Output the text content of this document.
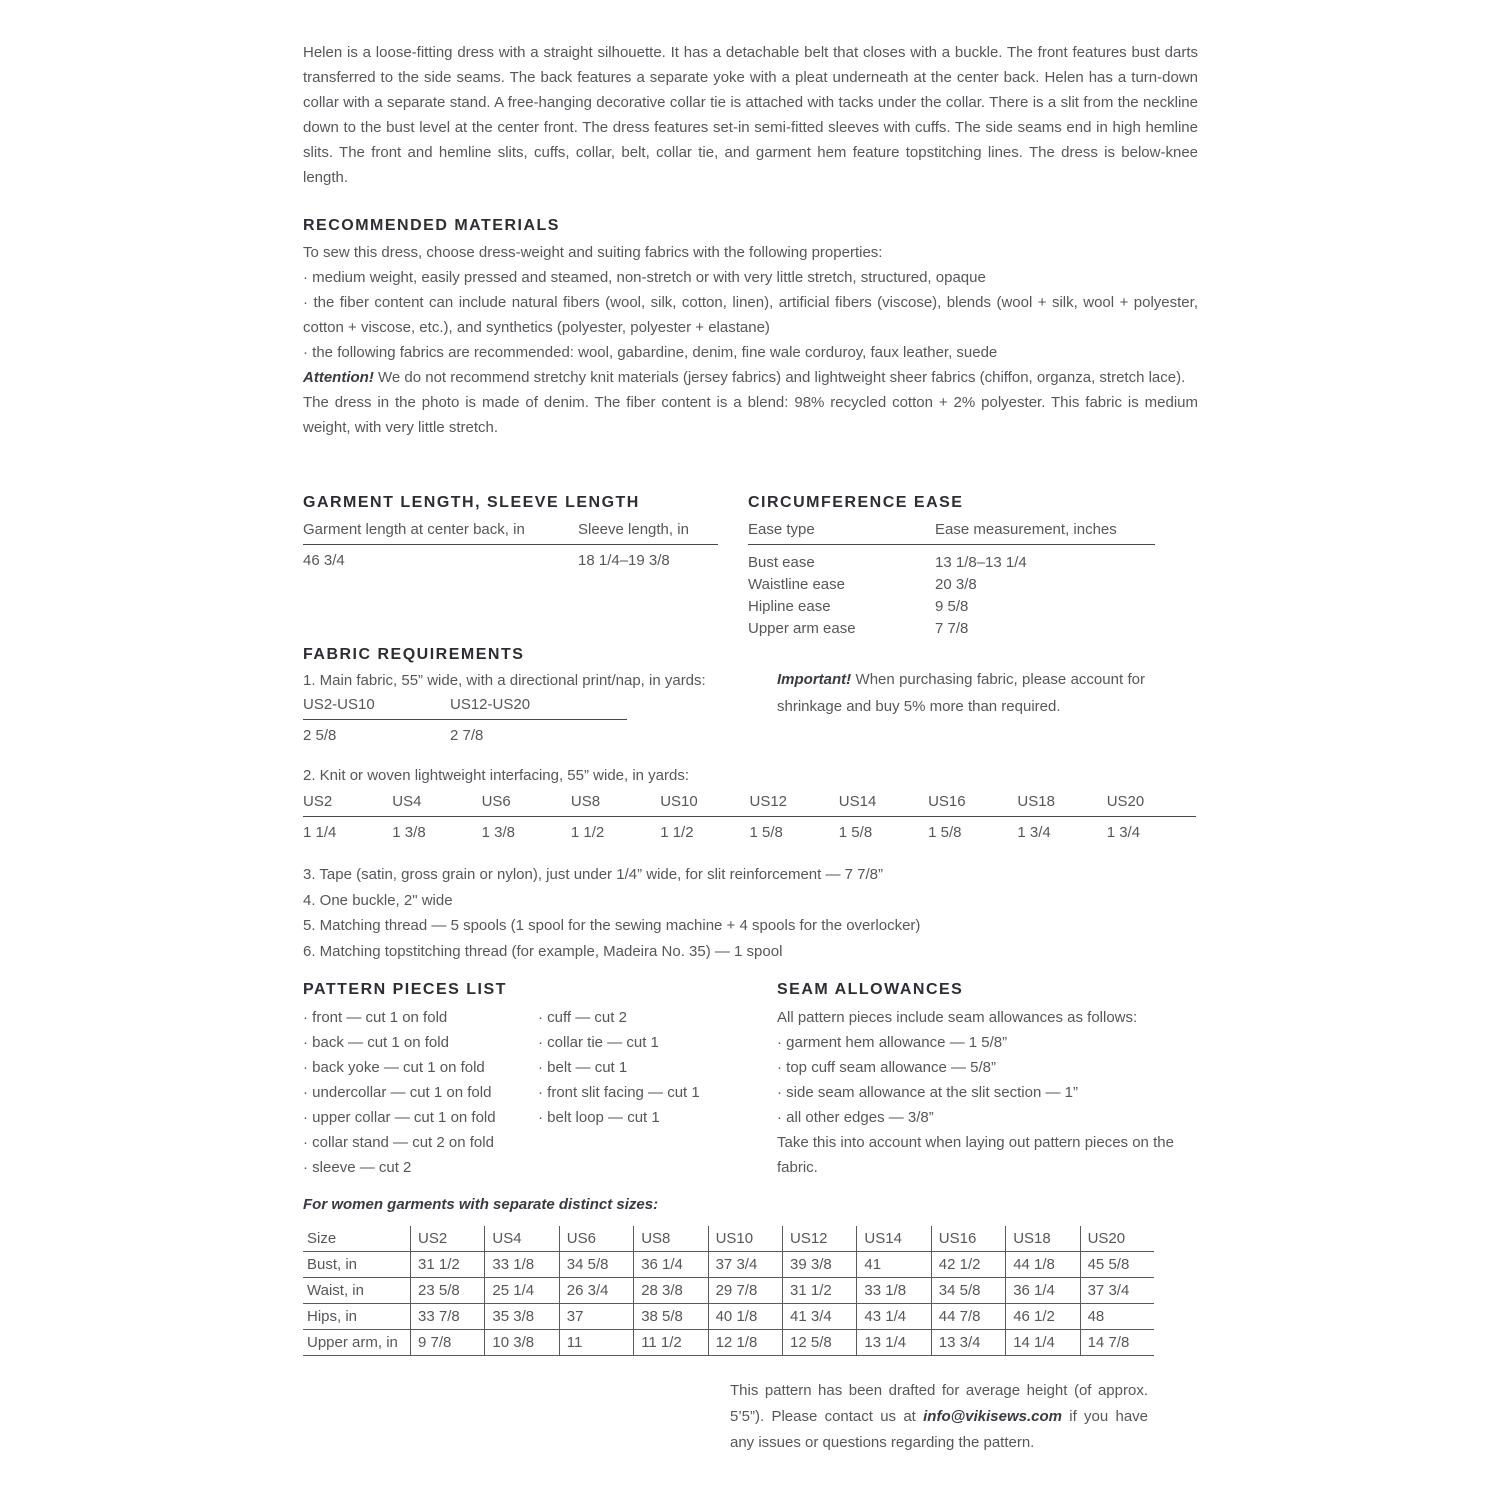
Helen is a loose-fitting dress with a straight silhouette. It has a detachable belt that closes with a buckle. The front features bust darts transferred to the side seams. The back features a separate yoke with a pleat underneath at the center back. Helen has a turn-down collar with a separate stand. A free-hanging decorative collar tie is attached with tacks under the collar. There is a slit from the neckline down to the bust level at the center front. The dress features set-in semi-fitted sleeves with cuffs. The side seams end in high hemline slits. The front and hemline slits, cuffs, collar, belt, collar tie, and garment hem feature topstitching lines. The dress is below-knee length.

RECOMMENDED MATERIALS

To sew this dress, choose dress-weight and suiting fabrics with the following properties:

· medium weight, easily pressed and steamed, non-stretch or with very little stretch, structured, opaque

· the fiber content can include natural fibers (wool, silk, cotton, linen), artificial fibers (viscose), blends (wool + silk, wool + polyester, cotton + viscose, etc.), and synthetics (polyester, polyester + elastane)

· the following fabrics are recommended: wool, gabardine, denim, fine wale corduroy, faux leather, suede

Attention! We do not recommend stretchy knit materials (jersey fabrics) and lightweight sheer fabrics (chiffon, organza, stretch lace).

The dress in the photo is made of denim. The fiber content is a blend: 98% recycled cotton + 2% polyester. This fabric is medium weight, with very little stretch.

GARMENT LENGTH, SLEEVE LENGTH
Garment length at center back, in	Sleeve length, in
46 3/4	18 1/4–19 3/8
CIRCUMFERENCE EASE
Ease type	Ease measurement, inches
Bust ease	13 1/8–13 1/4
Waistline ease	20 3/8
Hipline ease	9 5/8
Upper arm ease	7 7/8
FABRIC REQUIREMENTS

1. Main fabric, 55” wide, with a directional print/nap, in yards:

US2-US10	US12-US20
2 5/8	2 7/8

Important! When purchasing fabric, please account for shrinkage and buy 5% more than required.

2. Knit or woven lightweight interfacing, 55” wide, in yards:

US2	US4	US6	US8	US10	US12	US14	US16	US18	US20
1 1/4	1 3/8	1 3/8	1 1/2	1 1/2	1 5/8	1 5/8	1 5/8	1 3/4	1 3/4

3. Tape (satin, gross grain or nylon), just under 1/4” wide, for slit reinforcement — 7 7/8”

4. One buckle, 2" wide

5. Matching thread — 5 spools (1 spool for the sewing machine + 4 spools for the overlocker)

6. Matching topstitching thread (for example, Madeira No. 35) — 1 spool

PATTERN PIECES LIST

· front — cut 1 on fold

· back — cut 1 on fold

· back yoke — cut 1 on fold

· undercollar — cut 1 on fold

· upper collar — cut 1 on fold

· collar stand — cut 2 on fold

· sleeve — cut 2

· cuff — cut 2

· collar tie — cut 1

· belt — cut 1

· front slit facing — cut 1

· belt loop — cut 1

SEAM ALLOWANCES

All pattern pieces include seam allowances as follows:

· garment hem allowance — 1 5/8”

· top cuff seam allowance — 5/8”

· side seam allowance at the slit section — 1”

· all other edges — 3/8”

Take this into account when laying out pattern pieces on the fabric.

For women garments with separate distinct sizes:

Size	US2	US4	US6	US8	US10	US12	US14	US16	US18	US20
Bust, in	31 1/2	33 1/8	34 5/8	36 1/4	37 3/4	39 3/8	41	42 1/2	44 1/8	45 5/8
Waist, in	23 5/8	25 1/4	26 3/4	28 3/8	29 7/8	31 1/2	33 1/8	34 5/8	36 1/4	37 3/4
Hips, in	33 7/8	35 3/8	37	38 5/8	40 1/8	41 3/4	43 1/4	44 7/8	46 1/2	48
Upper arm, in	9 7/8	10 3/8	11	11 1/2	12 1/8	12 5/8	13 1/4	13 3/4	14 1/4	14 7/8

This pattern has been drafted for average height (of approx. 5’5”). Please contact us at info@vikisews.com if you have any issues or questions regarding the pattern.
